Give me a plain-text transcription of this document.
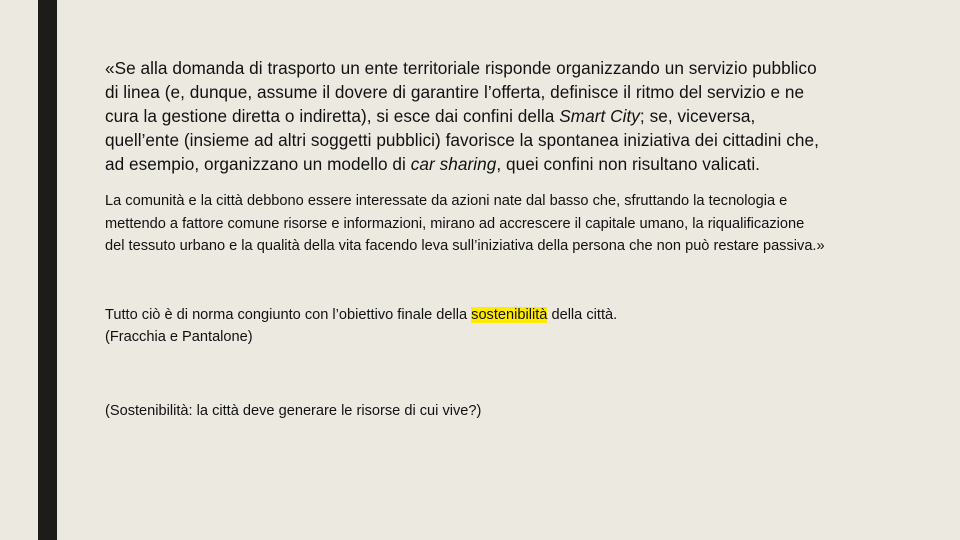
«Se alla domanda di trasporto un ente territoriale risponde organizzando un servizio pubblico di linea (e, dunque, assume il dovere di garantire l’offerta, definisce il ritmo del servizio e ne cura la gestione diretta o indiretta), si esce dai confini della Smart City; se, viceversa, quell’ente (insieme ad altri soggetti pubblici) favorisce la spontanea iniziativa dei cittadini che, ad esempio, organizzano un modello di car sharing, quei confini non risultano valicati.

La comunità e la città debbono essere interessate da azioni nate dal basso che, sfruttando la tecnologia e mettendo a fattore comune risorse e informazioni, mirano ad accrescere il capitale umano, la riqualificazione del tessuto urbano e la qualità della vita facendo leva sull’iniziativa della persona che non può restare passiva.»

Tutto ciò è di norma congiunto con l’obiettivo finale della sostenibilità della città.
(Fracchia e Pantalone)

(Sostenibilità: la città deve generare le risorse di cui vive?)
